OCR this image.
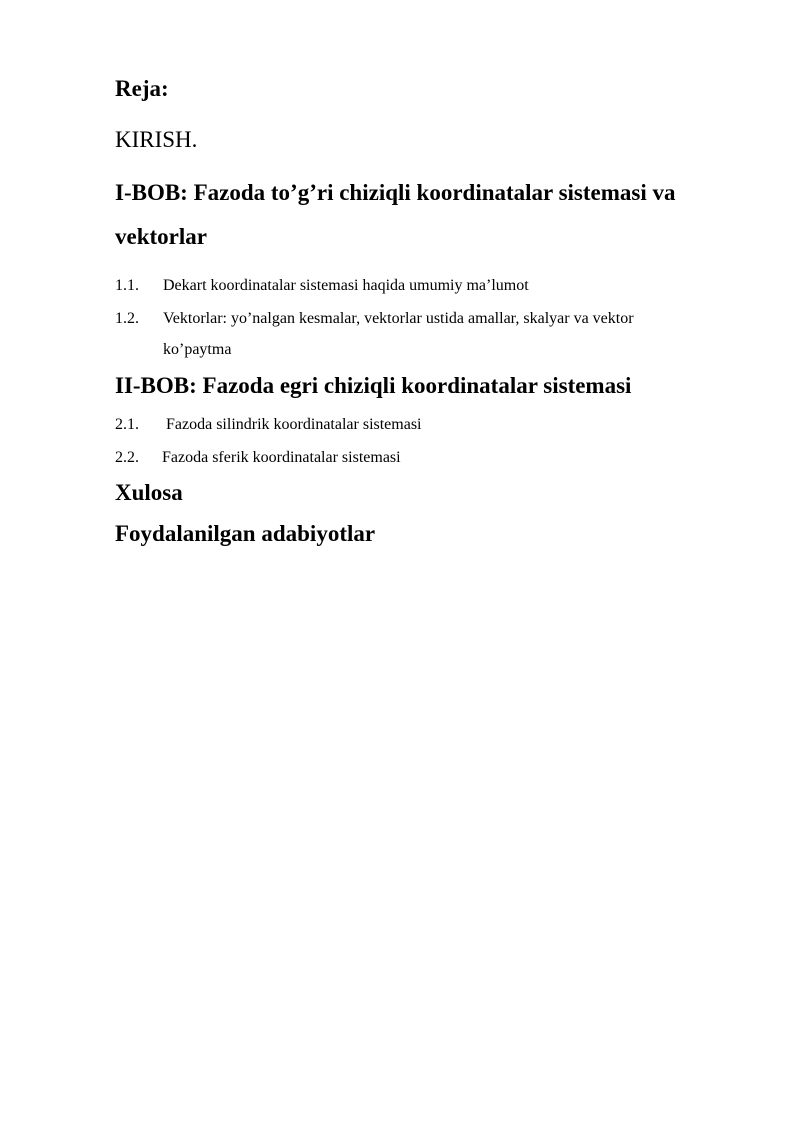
Reja:
KIRISH.
I-BOB: Fazoda to’g’ri chiziqli koordinatalar sistemasi va
vektorlar
1.1. Dekart koordinatalar sistemasi haqida umumiy ma’lumot
1.2. Vektorlar: yo’nalgan kesmalar, vektorlar ustida amallar, skalyar va vektor
ko’paytma
II-BOB: Fazoda egri chiziqli koordinatalar sistemasi
2.1. Fazoda silindrik koordinatalar sistemasi
2.2. Fazoda sferik koordinatalar sistemasi
Xulosa
Foydalanilgan adabiyotlar
